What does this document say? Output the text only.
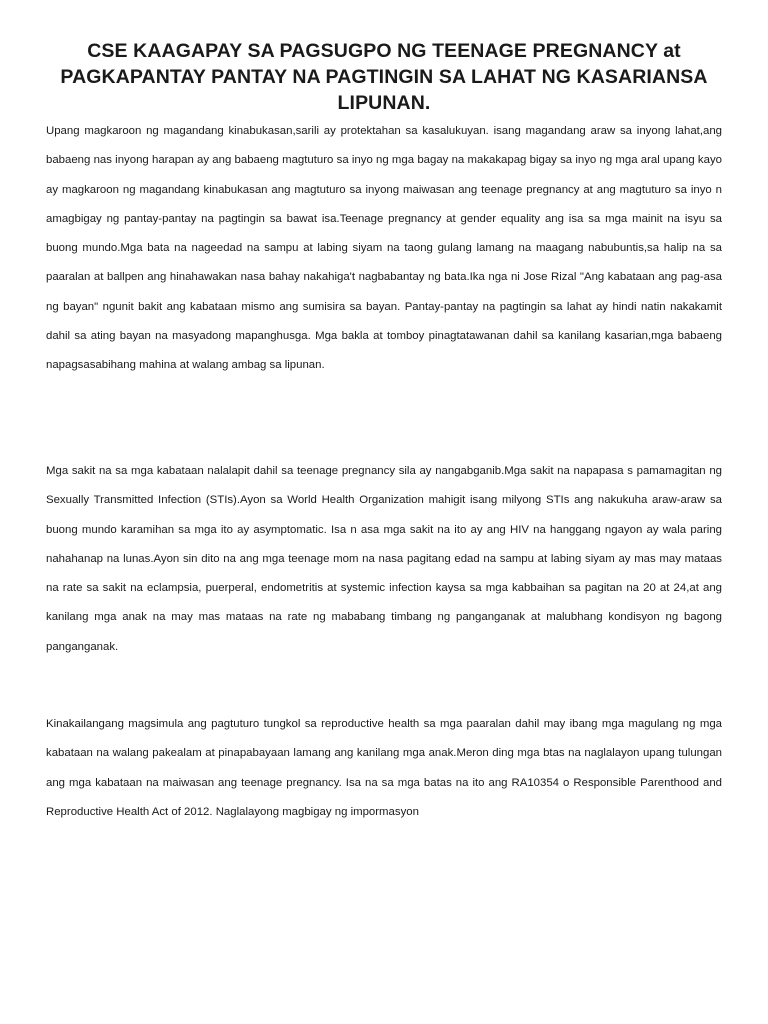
CSE KAAGAPAY SA PAGSUGPO NG TEENAGE PREGNANCY at PAGKAPANTAY PANTAY NA PAGTINGIN SA LAHAT NG KASARIANSA LIPUNAN.

Upang magkaroon ng magandang kinabukasan,sarili ay protektahan sa kasalukuyan. isang magandang araw sa inyong lahat,ang babaeng nas inyong harapan ay ang babaeng magtuturo sa inyo ng mga bagay na makakapag bigay sa inyo ng mga aral upang kayo ay magkaroon ng magandang kinabukasan ang magtuturo sa inyong maiwasan ang teenage pregnancy at ang magtuturo sa inyo n amagbigay ng pantay-pantay na pagtingin sa bawat isa.Teenage pregnancy at gender equality ang isa sa mga mainit na isyu sa buong mundo.Mga bata na nageedad na sampu at labing siyam na taong gulang lamang na maagang nabubuntis,sa halip na sa paaralan at ballpen ang hinahawakan nasa bahay nakahiga't nagbabantay ng bata.Ika nga ni Jose Rizal "Ang kabataan ang pag-asa ng bayan" ngunit bakit ang kabataan mismo ang sumisira sa bayan. Pantay-pantay na pagtingin sa lahat ay hindi natin nakakamit dahil sa ating bayan na masyadong mapanghusga. Mga bakla at tomboy pinagtatawanan dahil sa kanilang kasarian,mga babaeng napagsasabihang mahina at walang ambag sa lipunan.

Mga sakit na sa mga kabataan nalalapit dahil sa teenage pregnancy sila ay nangabganib.Mga sakit na napapasa s pamamagitan ng Sexually Transmitted Infection (STIs).Ayon sa World Health Organization mahigit isang milyong STIs ang nakukuha araw-araw sa buong mundo karamihan sa mga ito ay asymptomatic. Isa n asa mga sakit na ito ay ang HIV na hanggang ngayon ay wala paring nahahanap na lunas.Ayon sin dito na ang mga teenage mom na nasa pagitang edad na sampu at labing siyam ay mas may mataas na rate sa sakit na eclampsia, puerperal, endometritis at systemic infection kaysa sa mga kabbaihan sa pagitan na 20 at 24,at ang kanilang mga anak na may mas mataas na rate ng mababang timbang ng panganganak at malubhang kondisyon ng bagong panganganak.

Kinakailangang magsimula ang pagtuturo tungkol sa reproductive health sa mga paaralan dahil may ibang mga magulang ng mga kabataan na walang pakealam at pinapabayaan lamang ang kanilang mga anak.Meron ding mga btas na naglalayon upang tulungan ang mga kabataan na maiwasan ang teenage pregnancy. Isa na sa mga batas na ito ang RA10354 o Responsible Parenthood and Reproductive Health Act of 2012. Naglalayong magbigay ng impormasyon
